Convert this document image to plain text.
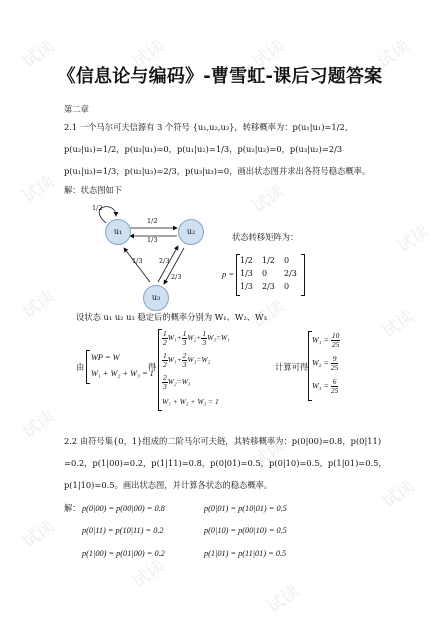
试读	试读	试读	试读
试读	试读
试读
试读	试读	试读
试读
试读
试读
试读
试读
试读
《信息论与编码》-曹雪虹-课后习题答案
第二章
2.1 一个马尔可夫信源有 3 个符号 {u₁,u₂,u₃}，转移概率为：p(u₁|u₁)=1/2，
p(u₂|u₁)=1/2，p(u₃|u₁)=0，p(u₁|u₂)=1/3，p(u₂|u₂)=0，p(u₃|u₂)=2/3
p(u₁|u₃)=1/3，p(u₂|u₃)=2/3，p(u₃|u₃)=0，画出状态图并求出各符号稳态概率。
解：状态图如下
u₁	u₂
u₃
1/2
1/2
1/3
1/3	2/3
2/3
状态转移矩阵为：
p =
1/2	1/2	0
1/3	0	2/3
1/3	2/3	0
设状态 u₁ u₂ u₃ 稳定后的概率分别为 W₁、W₂、W₃
由
WP = W
W₁ + W₂ + W₃ = 1
得
$\frac{1}{2} W_1+ \frac{1}{3} W_2+ \frac{1}{3} W_3=W_1$
$\frac{1}{2} W_1+ \frac{2}{3} W_3=W_2$
$\frac{2}{3} W_2=W_3$
W₁ + W₂ + W₃ = 1
计算可得
$W_1 = \frac{10}{25}$
$W_2 = \frac{9}{25}$
$W_3 = \frac{6}{25}$
2.2 由符号集{0，1}组成的二阶马尔可夫链，其转移概率为：p(0|00)=0.8，p(0|11)
=0.2，p(1|00)=0.2，p(1|11)=0.8，p(0|01)=0.5，p(0|10)=0.5，p(1|01)=0.5，
p(1|10)=0.5。画出状态图，并计算各状态的稳态概率。
解： p(0|00) = p(00|00) = 0.8	p(0|01) = p(10|01) = 0.5
p(0|11) = p(10|11) = 0.2	p(0|10) = p(00|10) = 0.5
p(1|00) = p(01|00) = 0.2	p(1|01) = p(11|01) = 0.5
